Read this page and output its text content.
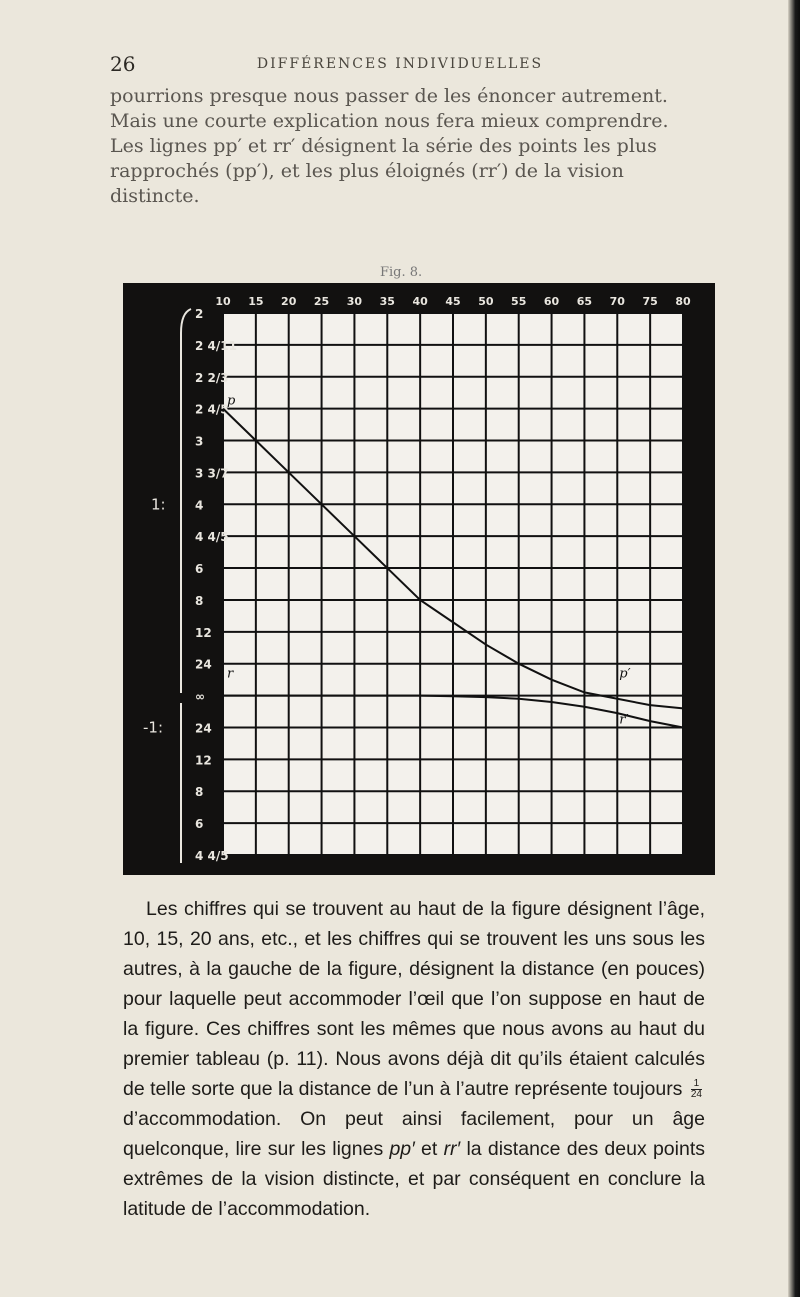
26	DIFFÉRENCES INDIVIDUELLES
pourrions presque nous passer de les énoncer autrement.
Mais une courte explication nous fera mieux comprendre.
Les lignes pp′ et rr′ désignent la série des points les plus
rapprochés (pp′), et les plus éloignés (rr′) de la vision
distincte.
Fig. 8.
10 15 20 25 30 35 40 45 50 55 60 65 70 75 80
2
2 4/11
2 2/3
2 4/5
3
3 3/7
4
4 4/5
6
8
12
24
∞
24
12
8
6
4 4/5
1:
-1:
p
p′
r
r′
Les chiffres qui se trouvent au haut de la figure désignent l’âge, 10, 15, 20 ans, etc., et les chiffres qui se trouvent les uns sous les autres, à la gauche de la figure, désignent la distance (en pouces) pour laquelle peut accommoder l’œil que l’on suppose en haut de la figure. Ces chiffres sont les mêmes que nous avons au haut du premier tableau (p. 11). Nous avons déjà dit qu’ils étaient calculés de telle sorte que la distance de l’un à l’autre représente toujours $\frac{1}{24}$
d’accommodation. On peut ainsi facilement, pour un âge quelconque, lire sur les lignes pp′ et rr′ la distance des deux points extrêmes de la vision distincte, et par conséquent en conclure la latitude de l’accommodation.
